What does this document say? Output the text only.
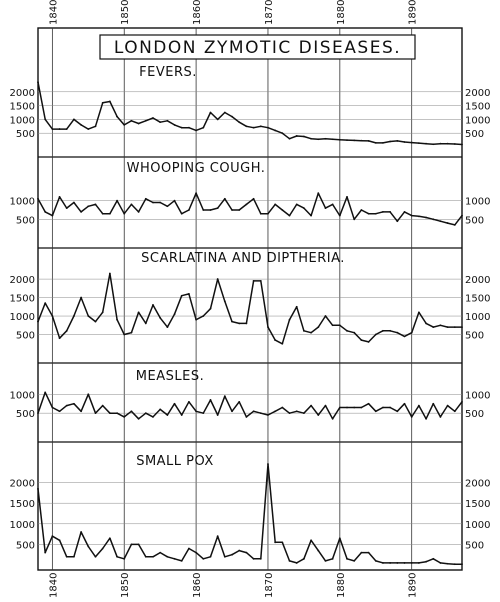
1840
1840
1850
1850
1860
1860
1870
1870
1880
1880
1890
1890
LONDON ZYMOTIC DISEASES.
500	500
1000	1000
1500	1500
2000	2000
FEVERS.
500	500
1000	1000
WHOOPING COUGH.
500	500
1000	1000
1500	1500
2000	2000
SCARLATINA AND DIPTHERIA.
500	500
1000	1000
MEASLES.
500	500
1000	1000
1500	1500
2000	2000
SMALL POX
